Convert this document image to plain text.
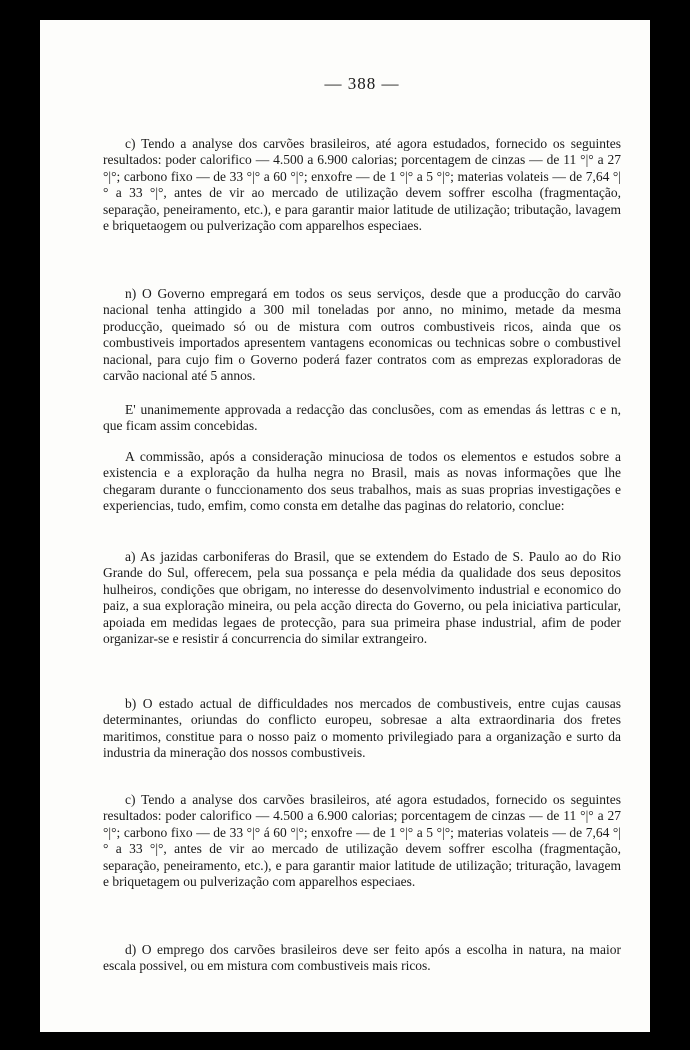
— 388 —

c) Tendo a analyse dos carvões brasileiros, até agora estudados, fornecido os seguintes resultados: poder calorifico — 4.500 a 6.900 calorias; porcentagem de cinzas — de 11 °|° a 27 °|°; carbono fixo — de 33 °|° a 60 °|°; enxofre — de 1 °|° a 5 °|°; materias volateis — de 7,64 °|° a 33 °|°, antes de vir ao mercado de utilização devem soffrer escolha (fragmentação, separação, peneiramento, etc.), e para garantir maior latitude de utilização; tributação, lavagem e briquetaogem ou pulverização com apparelhos especiaes.

n) O Governo empregará em todos os seus serviços, desde que a producção do carvão nacional tenha attingido a 300 mil toneladas por anno, no minimo, metade da mesma producção, queimado só ou de mistura com outros combustiveis ricos, ainda que os combustiveis importados apresentem vantagens economicas ou technicas sobre o combustivel nacional, para cujo fim o Governo poderá fazer contratos com as emprezas exploradoras de carvão nacional até 5 annos.

E' unanimemente approvada a redacção das conclusões, com as emendas ás lettras c e n, que ficam assim concebidas.

A commissão, após a consideração minuciosa de todos os elementos e estudos sobre a existencia e a exploração da hulha negra no Brasil, mais as novas informações que lhe chegaram durante o funccionamento dos seus trabalhos, mais as suas proprias investigações e experiencias, tudo, emfim, como consta em detalhe das paginas do relatorio, conclue:

a) As jazidas carboniferas do Brasil, que se extendem do Estado de S. Paulo ao do Rio Grande do Sul, offerecem, pela sua possança e pela média da qualidade dos seus depositos hulheiros, condições que obrigam, no interesse do desenvolvimento industrial e economico do paiz, a sua exploração mineira, ou pela acção directa do Governo, ou pela iniciativa particular, apoiada em medidas legaes de protecção, para sua primeira phase industrial, afim de poder organizar-se e resistir á concurrencia do similar extrangeiro.

b) O estado actual de difficuldades nos mercados de combustiveis, entre cujas causas determinantes, oriundas do conflicto europeu, sobresae a alta extraordinaria dos fretes maritimos, constitue para o nosso paiz o momento privilegiado para a organização e surto da industria da mineração dos nossos combustiveis.

c) Tendo a analyse dos carvões brasileiros, até agora estudados, fornecido os seguintes resultados: poder calorifico — 4.500 a 6.900 calorias; porcentagem de cinzas — de 11 °|° a 27 °|°; carbono fixo — de 33 °|° á 60 °|°; enxofre — de 1 °|° a 5 °|°; materias volateis — de 7,64 °|° a 33 °|°, antes de vir ao mercado de utilização devem soffrer escolha (fragmentação, separação, peneiramento, etc.), e para garantir maior latitude de utilização; trituração, lavagem e briquetagem ou pulverização com apparelhos especiaes.

d) O emprego dos carvões brasileiros deve ser feito após a escolha in natura, na maior escala possivel, ou em mistura com combustiveis mais ricos.
